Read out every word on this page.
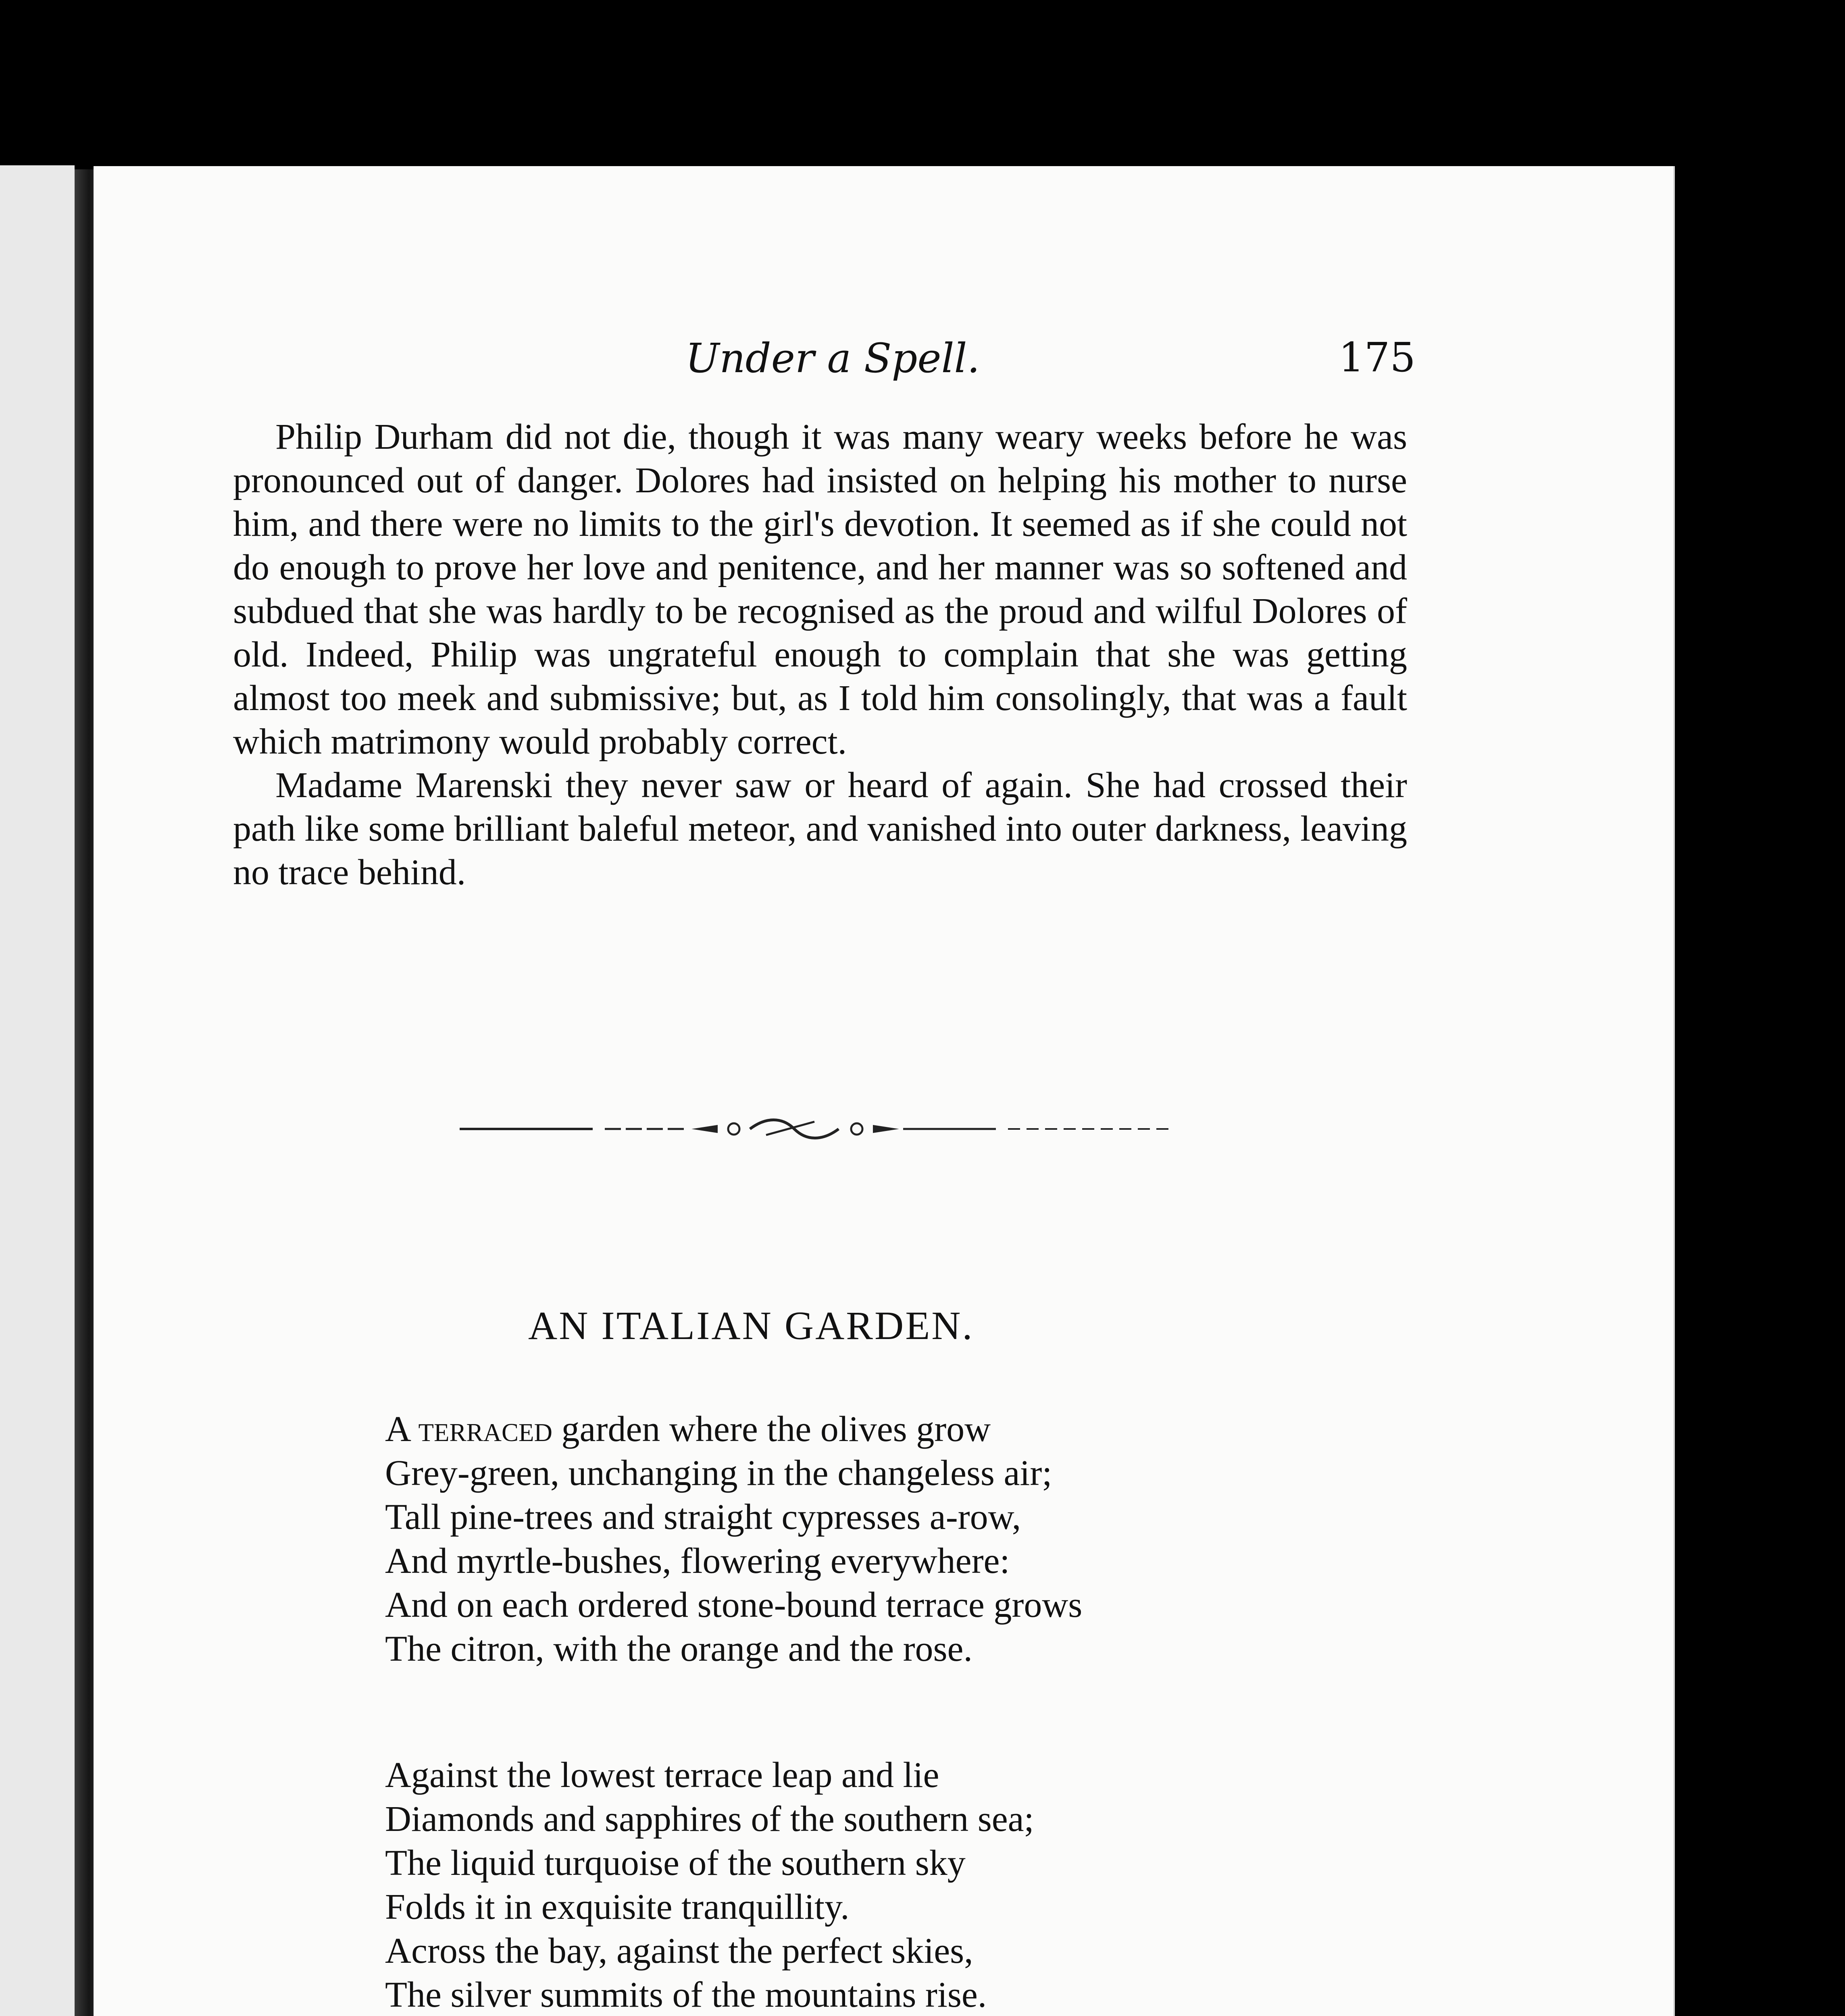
Under a Spell.	175

Philip Durham did not die, though it was many weary weeks before he was pronounced out of danger. Dolores had insisted on helping his mother to nurse him, and there were no limits to the girl's devotion. It seemed as if she could not do enough to prove her love and penitence, and her manner was so softened and subdued that she was hardly to be recognised as the proud and wilful Dolores of old. Indeed, Philip was ungrateful enough to complain that she was getting almost too meek and submissive; but, as I told him consolingly, that was a fault which matrimony would probably correct.

Madame Marenski they never saw or heard of again. She had crossed their path like some brilliant baleful meteor, and vanished into outer darkness, leaving no trace behind.

AN ITALIAN GARDEN.
A terraced garden where the olives grow
Grey-green, unchanging in the changeless air;
Tall pine-trees and straight cypresses a-row,
And myrtle-bushes, flowering everywhere:
And on each ordered stone-bound terrace grows
The citron, with the orange and the rose.
Against the lowest terrace leap and lie
Diamonds and sapphires of the southern sea;
The liquid turquoise of the southern sky
Folds it in exquisite tranquillity.
Across the bay, against the perfect skies,
The silver summits of the mountains rise.
